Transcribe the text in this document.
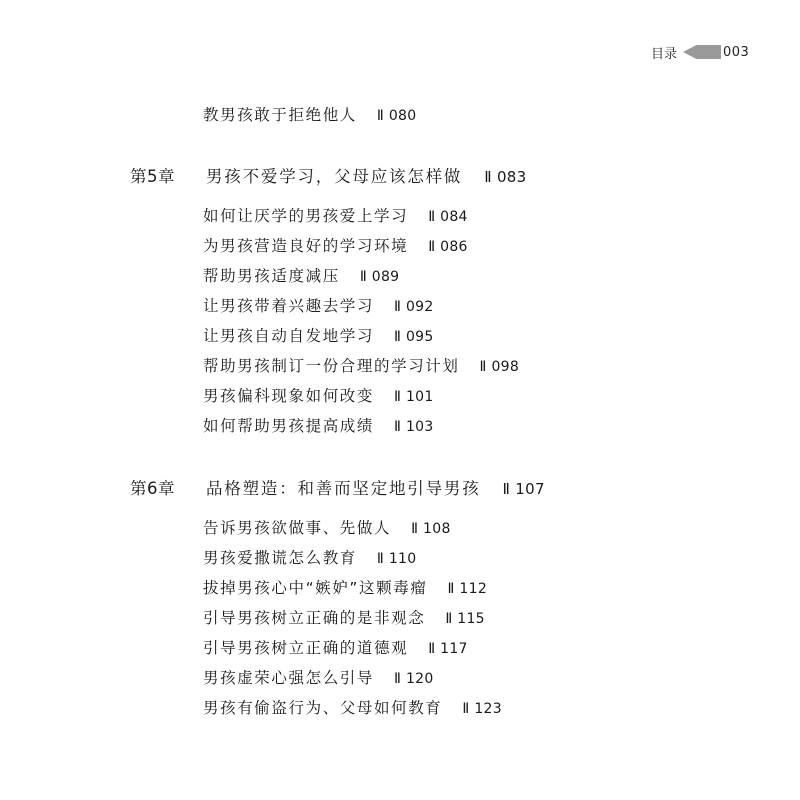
目录	003
教男孩敢于拒绝他人 Ⅱ 080
第5章	男孩不爱学习，父母应该怎样做 Ⅱ 083
如何让厌学的男孩爱上学习 Ⅱ 084
为男孩营造良好的学习环境 Ⅱ 086
帮助男孩适度减压 Ⅱ 089
让男孩带着兴趣去学习 Ⅱ 092
让男孩自动自发地学习 Ⅱ 095
帮助男孩制订一份合理的学习计划 Ⅱ 098
男孩偏科现象如何改变 Ⅱ 101
如何帮助男孩提高成绩 Ⅱ 103
第6章	品格塑造：和善而坚定地引导男孩 Ⅱ 107
告诉男孩欲做事、先做人 Ⅱ 108
男孩爱撒谎怎么教育 Ⅱ 110
拔掉男孩心中“嫉妒”这颗毒瘤 Ⅱ 112
引导男孩树立正确的是非观念 Ⅱ 115
引导男孩树立正确的道德观 Ⅱ 117
男孩虚荣心强怎么引导 Ⅱ 120
男孩有偷盗行为、父母如何教育 Ⅱ 123
